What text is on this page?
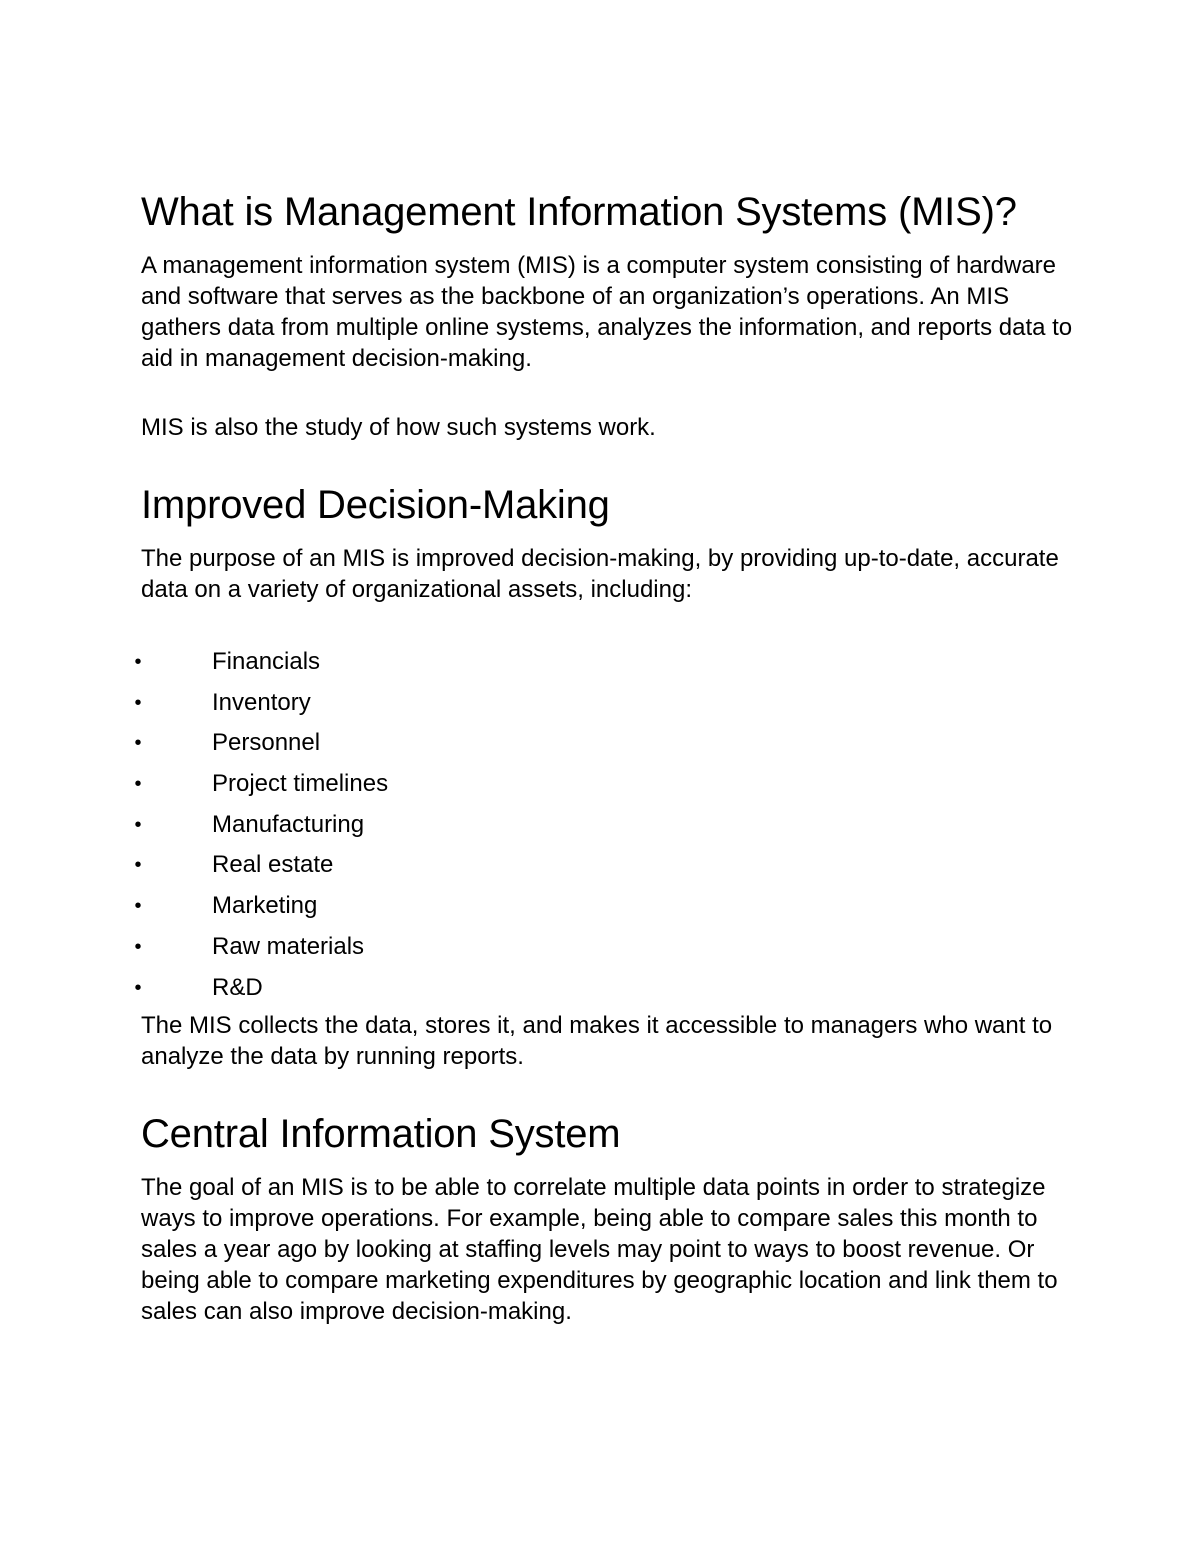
What is Management Information Systems (MIS)?

A management information system (MIS) is a computer system consisting of hardware and software that serves as the backbone of an organization’s operations. An MIS gathers data from multiple online systems, analyzes the information, and reports data to aid in management decision-making.

MIS is also the study of how such systems work.

Improved Decision-Making

The purpose of an MIS is improved decision-making, by providing up-to-date, accurate data on a variety of organizational assets, including:

•	Financials
•	Inventory
•	Personnel
•	Project timelines
•	Manufacturing
•	Real estate
•	Marketing
•	Raw materials
•	R&D

The MIS collects the data, stores it, and makes it accessible to managers who want to analyze the data by running reports.

Central Information System

The goal of an MIS is to be able to correlate multiple data points in order to strategize ways to improve operations. For example, being able to compare sales this month to sales a year ago by looking at staffing levels may point to ways to boost revenue. Or being able to compare marketing expenditures by geographic location and link them to sales can also improve decision-making.
